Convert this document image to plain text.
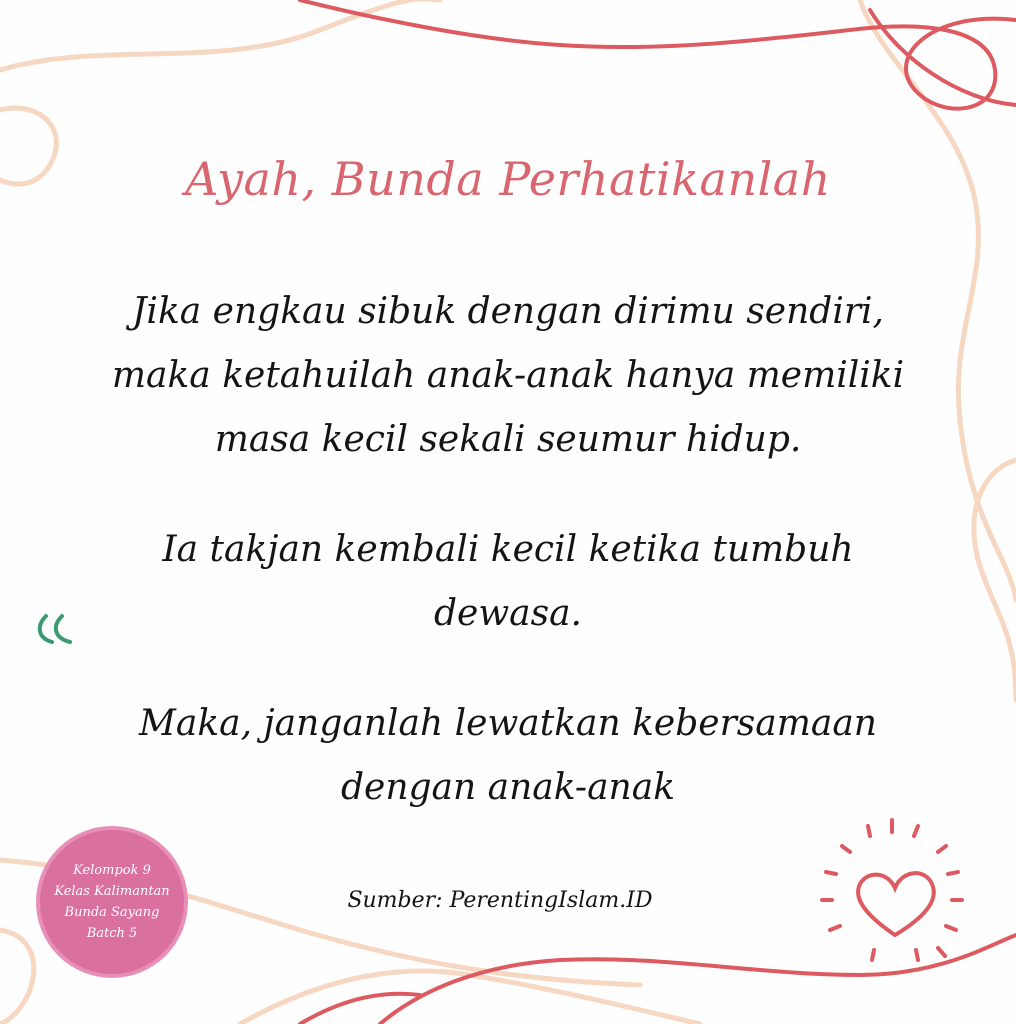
Ayah, Bunda Perhatikanlah
Jika engkau sibuk dengan dirimu sendiri,
maka ketahuilah anak-anak hanya memiliki
masa kecil sekali seumur hidup.
Ia takjan kembali kecil ketika tumbuh
dewasa.
Maka, janganlah lewatkan kebersamaan
dengan anak-anak
Sumber: PerentingIslam.ID
Kelompok 9
Kelas Kalimantan
Bunda Sayang
Batch 5
